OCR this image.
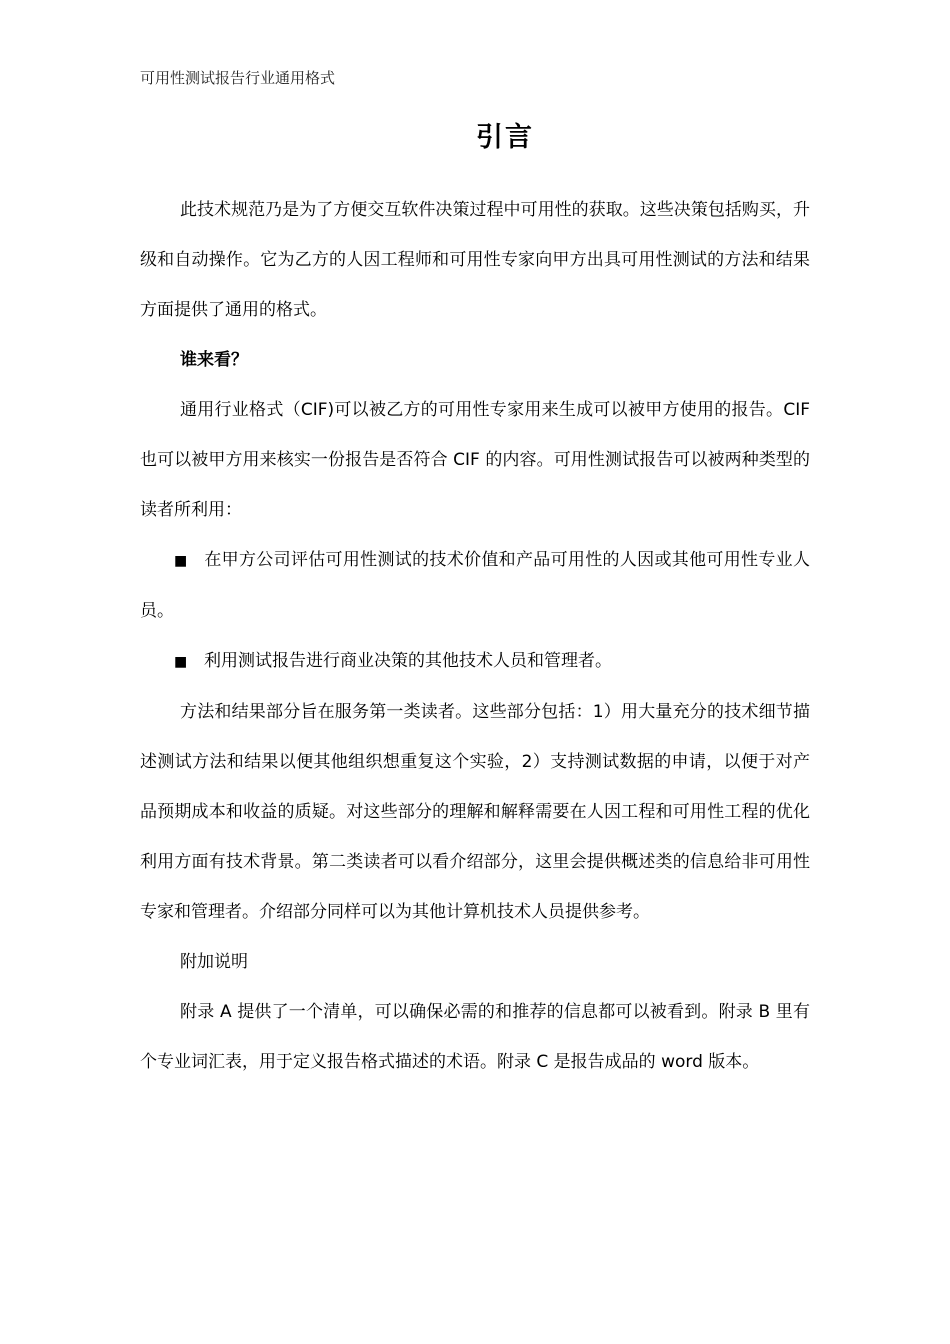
可用性测试报告行业通用格式
引言

此技术规范乃是为了方便交互软件决策过程中可用性的获取。这些决策包括购买，升级和自动操作。它为乙方的人因工程师和可用性专家向甲方出具可用性测试的方法和结果方面提供了通用的格式。

谁来看？

通用行业格式（CIF)可以被乙方的可用性专家用来生成可以被甲方使用的报告。CIF 也可以被甲方用来核实一份报告是否符合 CIF 的内容。可用性测试报告可以被两种类型的读者所利用：

■ 在甲方公司评估可用性测试的技术价值和产品可用性的人因或其他可用性专业人员。
■ 利用测试报告进行商业决策的其他技术人员和管理者。

方法和结果部分旨在服务第一类读者。这些部分包括：1）用大量充分的技术细节描述测试方法和结果以便其他组织想重复这个实验，2）支持测试数据的申请，以便于对产品预期成本和收益的质疑。对这些部分的理解和解释需要在人因工程和可用性工程的优化利用方面有技术背景。第二类读者可以看介绍部分，这里会提供概述类的信息给非可用性专家和管理者。介绍部分同样可以为其他计算机技术人员提供参考。

附加说明

附录 A 提供了一个清单，可以确保必需的和推荐的信息都可以被看到。附录 B 里有个专业词汇表，用于定义报告格式描述的术语。附录 C 是报告成品的 word 版本。
